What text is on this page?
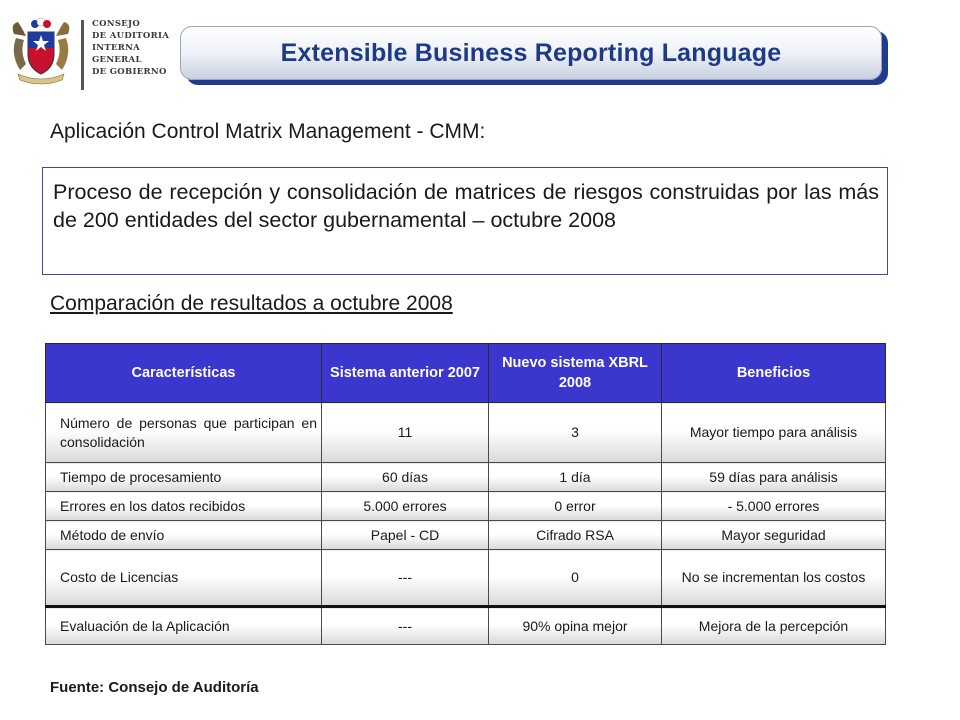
CONSEJO
DE AUDITORIA
INTERNA
GENERAL
DE GOBIERNO
Extensible Business Reporting Language
Aplicación Control Matrix Management - CMM:
Proceso de recepción y consolidación de matrices de riesgos construidas por las más de 200 entidades del sector gubernamental – octubre 2008
Comparación de resultados a octubre 2008
Características	Sistema anterior 2007	Nuevo sistema XBRL 2008	Beneficios
Número de personas que participan en consolidación	11	3	Mayor tiempo para análisis
Tiempo de procesamiento	60 días	1 día	59 días para análisis
Errores en los datos recibidos	5.000 errores	0 error	- 5.000 errores
Método de envío	Papel - CD	Cifrado RSA	Mayor seguridad
Costo de Licencias	---	0	No se incrementan los costos
Evaluación de la Aplicación	---	90% opina mejor	Mejora de la percepción
Fuente: Consejo de Auditoría
